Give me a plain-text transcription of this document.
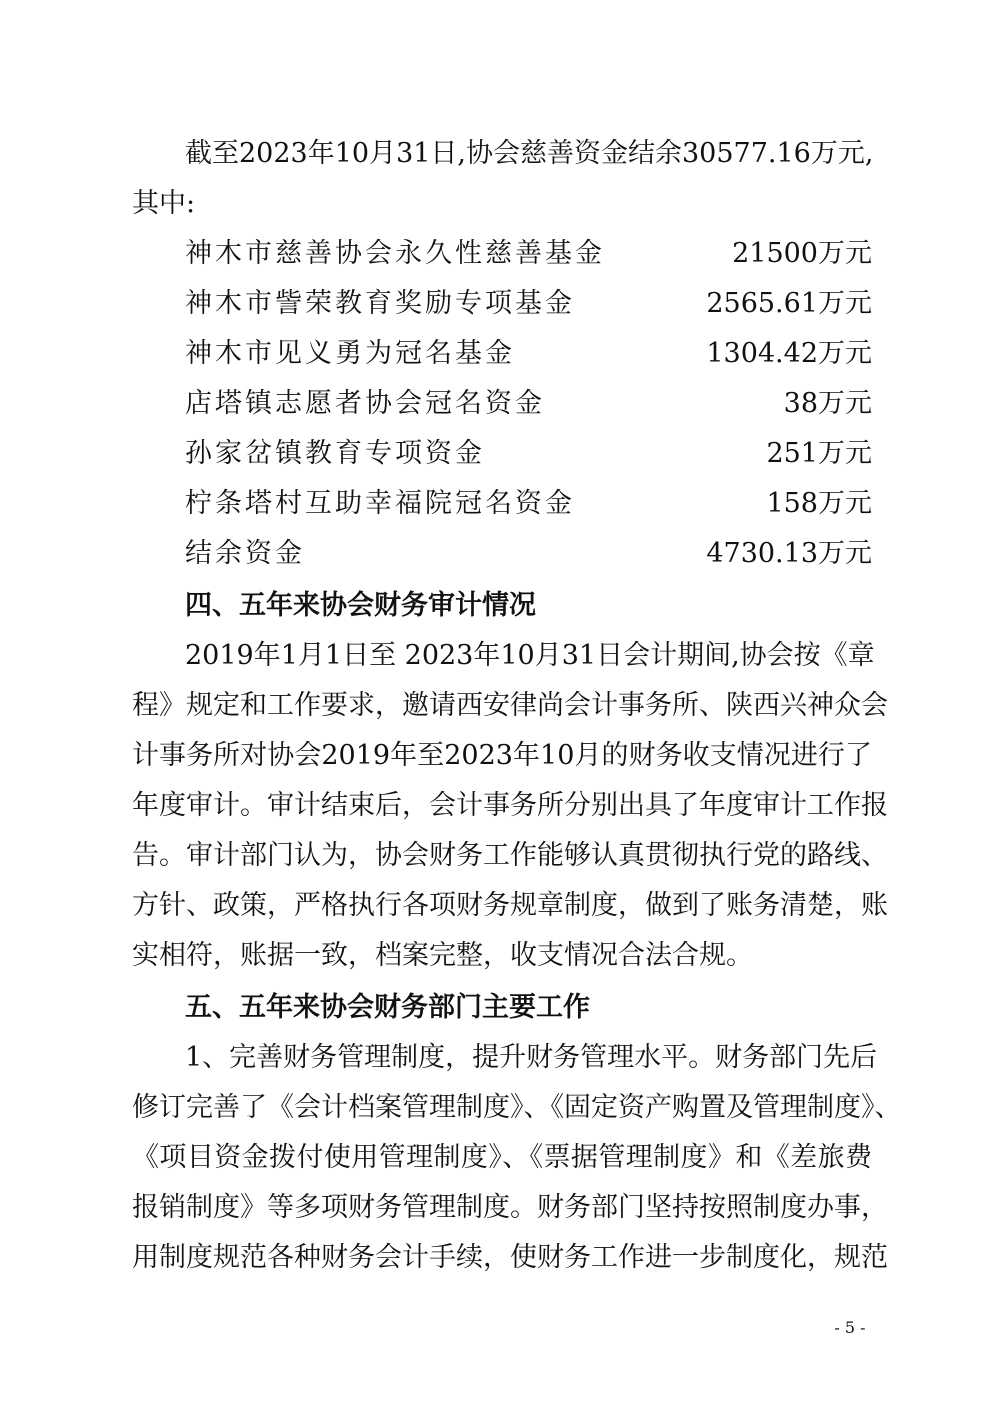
截至2023年10月31日,协会慈善资金结余30577.16万元,
其中:
神木市慈善协会永久性慈善基金	21500万元
神木市訾荣教育奖励专项基金	2565.61万元
神木市见义勇为冠名基金	1304.42万元
店塔镇志愿者协会冠名资金	38万元
孙家岔镇教育专项资金	251万元
柠条塔村互助幸福院冠名资金	158万元
结余资金	4730.13万元
四、五年来协会财务审计情况
2019年1月1日至 2023年10月31日会计期间,协会按《章
程》规定和工作要求，邀请西安律尚会计事务所、陕西兴神众会
计事务所对协会2019年至2023年10月的财务收支情况进行了
年度审计。审计结束后，会计事务所分别出具了年度审计工作报
告。审计部门认为，协会财务工作能够认真贯彻执行党的路线、
方针、政策，严格执行各项财务规章制度，做到了账务清楚，账
实相符，账据一致，档案完整，收支情况合法合规。
五、五年来协会财务部门主要工作
1、完善财务管理制度，提升财务管理水平。财务部门先后
修订完善了《会计档案管理制度》、《固定资产购置及管理制度》、
《项目资金拨付使用管理制度》、《票据管理制度》和《差旅费
报销制度》等多项财务管理制度。财务部门坚持按照制度办事，
用制度规范各种财务会计手续，使财务工作进一步制度化，规范
- 5 -
